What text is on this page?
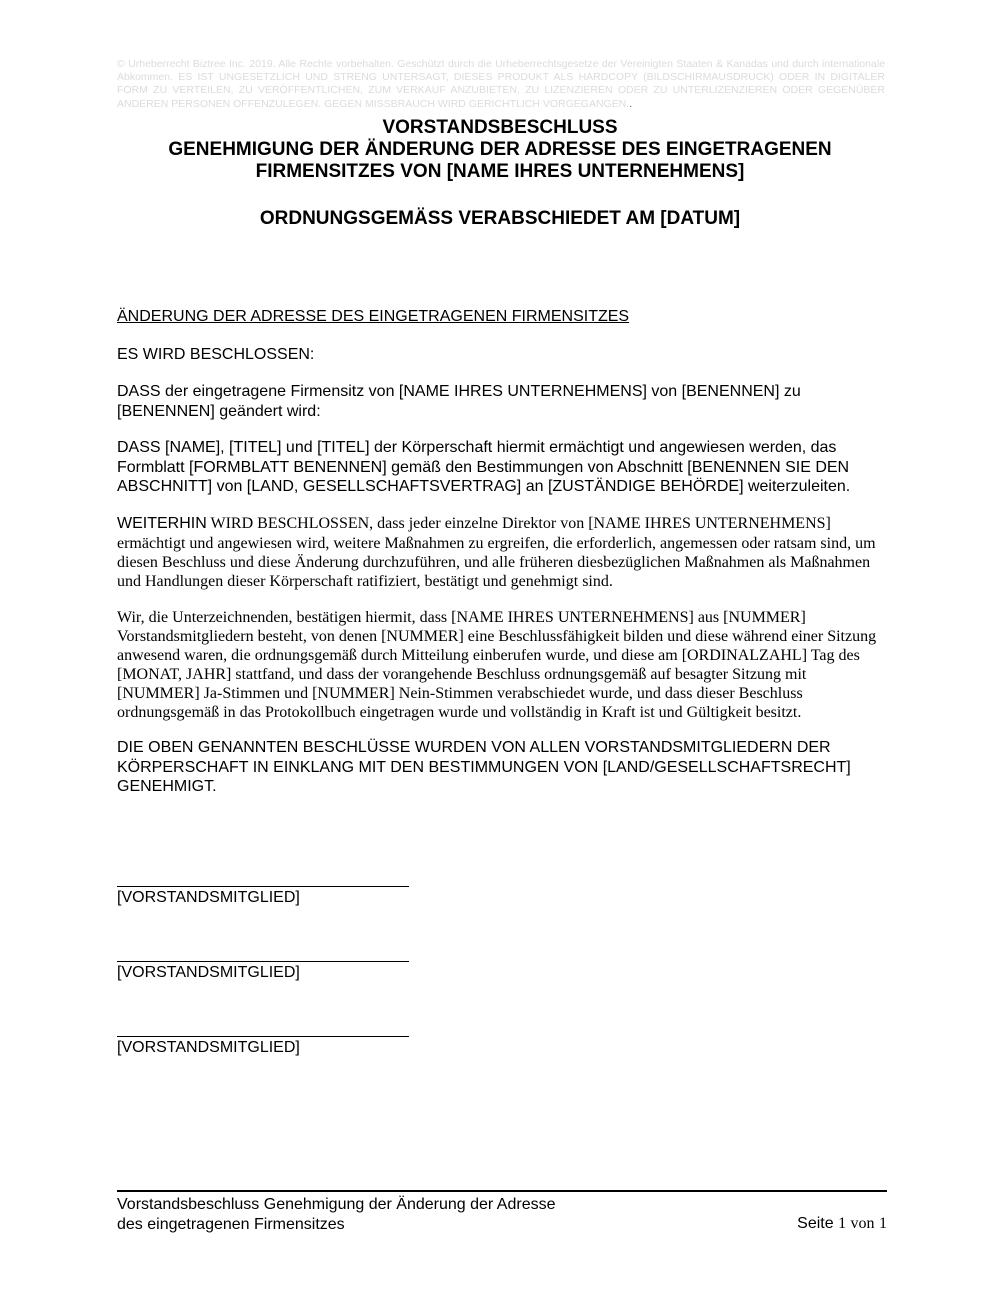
© Urheberrecht Biztree Inc. 2019. Alle Rechte vorbehalten. Geschützt durch die Urheberrechtsgesetze der Vereinigten Staaten & Kanadas und durch internationale Abkommen. ES IST UNGESETZLICH UND STRENG UNTERSAGT, DIESES PRODUKT ALS HARDCOPY (BILDSCHIRMAUSDRUCK) ODER IN DIGITALER FORM ZU VERTEILEN, ZU VERÖFFENTLICHEN, ZUM VERKAUF ANZUBIETEN, ZU LIZENZIEREN ODER ZU UNTERLIZENZIEREN ODER GEGENÜBER ANDEREN PERSONEN OFFENZULEGEN. GEGEN MISSBRAUCH WIRD GERICHTLICH VORGEGANGEN..
VORSTANDSBESCHLUSS
GENEHMIGUNG DER ÄNDERUNG DER ADRESSE DES EINGETRAGENEN
FIRMENSITZES VON [NAME IHRES UNTERNEHMENS]
ORDNUNGSGEMÄSS VERABSCHIEDET AM [DATUM]
ÄNDERUNG DER ADRESSE DES EINGETRAGENEN FIRMENSITZES
ES WIRD BESCHLOSSEN:
DASS der eingetragene Firmensitz von [NAME IHRES UNTERNEHMENS] von [BENENNEN] zu [BENENNEN] geändert wird:
DASS [NAME], [TITEL] und [TITEL] der Körperschaft hiermit ermächtigt und angewiesen werden, das Formblatt [FORMBLATT BENENNEN] gemäß den Bestimmungen von Abschnitt [BENENNEN SIE DEN ABSCHNITT] von [LAND, GESELLSCHAFTSVERTRAG] an [ZUSTÄNDIGE BEHÖRDE] weiterzuleiten.
WEITERHIN WIRD BESCHLOSSEN, dass jeder einzelne Direktor von [NAME IHRES UNTERNEHMENS] ermächtigt und angewiesen wird, weitere Maßnahmen zu ergreifen, die erforderlich, angemessen oder ratsam sind, um diesen Beschluss und diese Änderung durchzuführen, und alle früheren diesbezüglichen Maßnahmen als Maßnahmen und Handlungen dieser Körperschaft ratifiziert, bestätigt und genehmigt sind.
Wir, die Unterzeichnenden, bestätigen hiermit, dass [NAME IHRES UNTERNEHMENS] aus [NUMMER] Vorstandsmitgliedern besteht, von denen [NUMMER] eine Beschlussfähigkeit bilden und diese während einer Sitzung anwesend waren, die ordnungsgemäß durch Mitteilung einberufen wurde, und diese am [ORDINALZAHL] Tag des [MONAT, JAHR] stattfand, und dass der vorangehende Beschluss ordnungsgemäß auf besagter Sitzung mit [NUMMER] Ja-Stimmen und [NUMMER] Nein-Stimmen verabschiedet wurde, und dass dieser Beschluss ordnungsgemäß in das Protokollbuch eingetragen wurde und vollständig in Kraft ist und Gültigkeit besitzt.
DIE OBEN GENANNTEN BESCHLÜSSE WURDEN VON ALLEN VORSTANDSMITGLIEDERN DER KÖRPERSCHAFT IN EINKLANG MIT DEN BESTIMMUNGEN VON [LAND/GESELLSCHAFTSRECHT] GENEHMIGT.
[VORSTANDSMITGLIED]
[VORSTANDSMITGLIED]
[VORSTANDSMITGLIED]
Vorstandsbeschluss Genehmigung der Änderung der Adresse
des eingetragenen Firmensitzes	Seite 1 von 1
